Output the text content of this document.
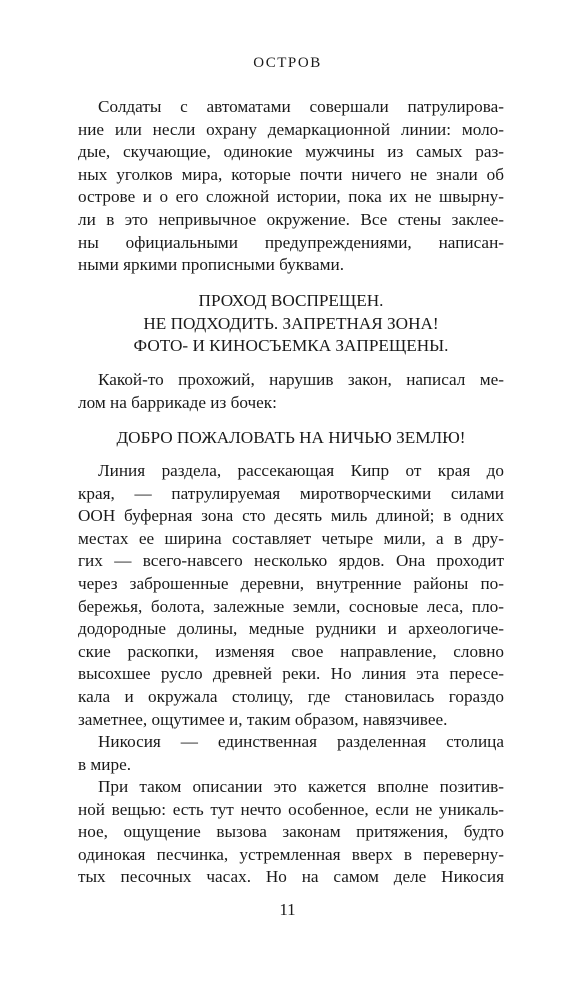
ОСТРОВ
Солдаты с автоматами совершали патрулирова-
ние или несли охрану демаркационной линии: моло-
дые, скучающие, одинокие мужчины из самых раз-
ных уголков мира, которые почти ничего не знали об
острове и о его сложной истории, пока их не швырну-
ли в это непривычное окружение. Все стены заклее-
ны официальными предупреждениями, написан-
ными яркими прописными буквами.
ПРОХОД ВОСПРЕЩЕН.
НЕ ПОДХОДИТЬ. ЗАПРЕТНАЯ ЗОНА!
ФОТО- И КИНОСЪЕМКА ЗАПРЕЩЕНЫ.
Какой-то прохожий, нарушив закон, написал ме-
лом на баррикаде из бочек:
ДОБРО ПОЖАЛОВАТЬ НА НИЧЬЮ ЗЕМЛЮ!
Линия раздела, рассекающая Кипр от края до
края, — патрулируемая миротворческими силами
ООН буферная зона сто десять миль длиной; в одних
местах ее ширина составляет четыре мили, а в дру-
гих — всего-навсего несколько ярдов. Она проходит
через заброшенные деревни, внутренние районы по-
бережья, болота, залежные земли, сосновые леса, пло-
додородные долины, медные рудники и археологиче-
ские раскопки, изменяя свое направление, словно
высохшее русло древней реки. Но линия эта пересе-
кала и окружала столицу, где становилась гораздо
заметнее, ощутимее и, таким образом, навязчивее.
Никосия — единственная разделенная столица
в мире.
При таком описании это кажется вполне позитив-
ной вещью: есть тут нечто особенное, если не уникаль-
ное, ощущение вызова законам притяжения, будто
одинокая песчинка, устремленная вверх в переверну-
тых песочных часах. Но на самом деле Никосия
11
